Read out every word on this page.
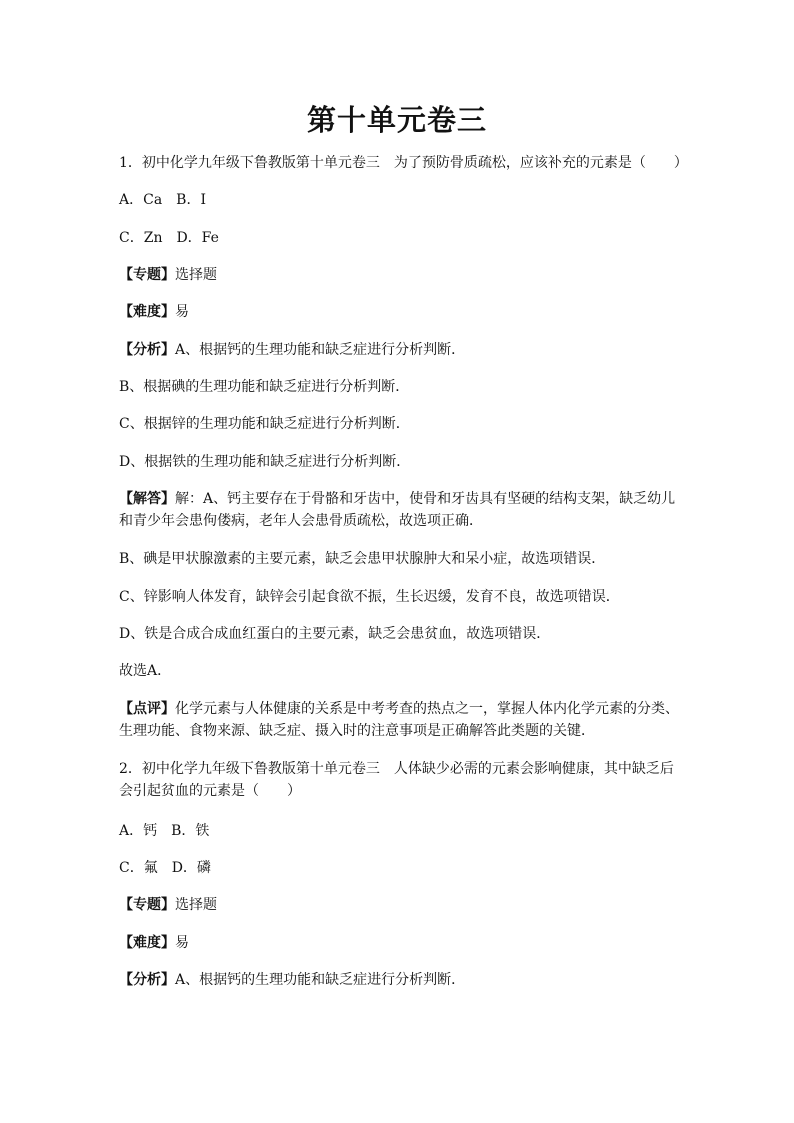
第十单元卷三
1．初中化学九年级下鲁教版第十单元卷三　为了预防骨质疏松，应该补充的元素是（　　）
A．Ca　B．I
C．Zn　D．Fe
【专题】选择题
【难度】易
【分析】A、根据钙的生理功能和缺乏症进行分析判断．
B、根据碘的生理功能和缺乏症进行分析判断．
C、根据锌的生理功能和缺乏症进行分析判断．
D、根据铁的生理功能和缺乏症进行分析判断．
【解答】解：A、钙主要存在于骨骼和牙齿中，使骨和牙齿具有坚硬的结构支架，缺乏幼儿和青少年会患佝偻病，老年人会患骨质疏松，故选项正确．
B、碘是甲状腺激素的主要元素，缺乏会患甲状腺肿大和呆小症，故选项错误．
C、锌影响人体发育，缺锌会引起食欲不振，生长迟缓，发育不良，故选项错误．
D、铁是合成合成血红蛋白的主要元素，缺乏会患贫血，故选项错误．
故选A．
【点评】化学元素与人体健康的关系是中考考查的热点之一，掌握人体内化学元素的分类、生理功能、食物来源、缺乏症、摄入时的注意事项是正确解答此类题的关键．
2．初中化学九年级下鲁教版第十单元卷三　人体缺少必需的元素会影响健康，其中缺乏后会引起贫血的元素是（　　）
A．钙　B．铁
C．氟　D．磷
【专题】选择题
【难度】易
【分析】A、根据钙的生理功能和缺乏症进行分析判断．
